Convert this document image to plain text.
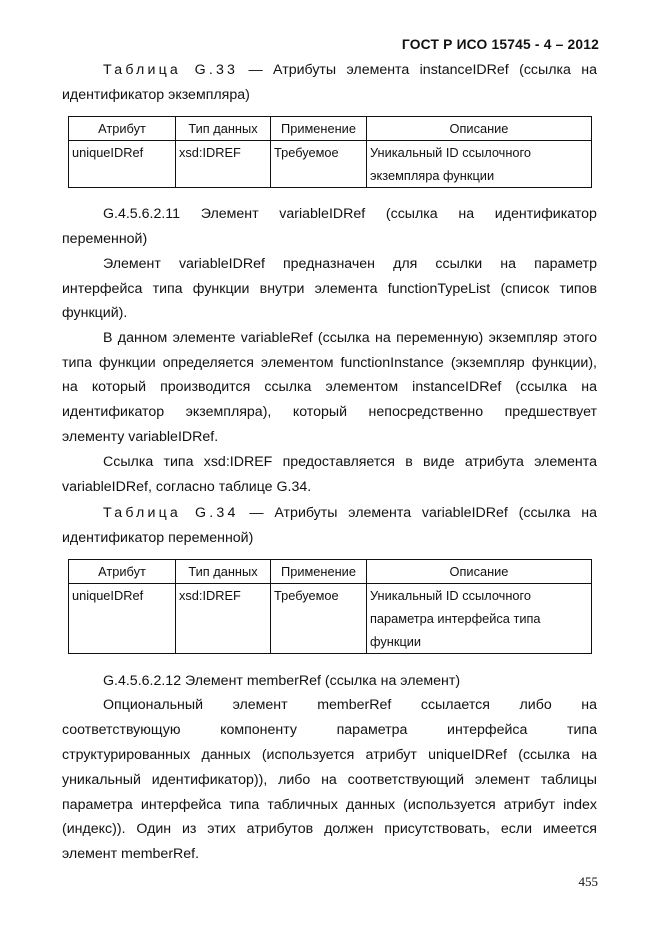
ГОСТ Р ИСО 15745 - 4 – 2012
Таблица G.33 — Атрибуты элемента instanceIDRef (ссылка на
идентификатор экземпляра)
Атрибут	Тип данных	Применение	Описание
uniqueIDRef	xsd:IDREF	Требуемое	Уникальный ID ссылочного
экземпляра функции
G.4.5.6.2.11 Элемент variableIDRef (ссылка на идентификатор
переменной)
Элемент variableIDRef предназначен для ссылки на параметр
интерфейса типа функции внутри элемента functionTypeList (список типов
функций).
В данном элементе variableRef (ссылка на переменную) экземпляр этого
типа функции определяется элементом functionInstance (экземпляр функции),
на который производится ссылка элементом instanceIDRef (ссылка на
идентификатор экземпляра), который непосредственно предшествует
элементу variableIDRef.
Ссылка типа xsd:IDREF предоставляется в виде атрибута элемента
variableIDRef, согласно таблице G.34.
Таблица G.34 — Атрибуты элемента variableIDRef (ссылка на
идентификатор переменной)
Атрибут	Тип данных	Применение	Описание
uniqueIDRef	xsd:IDREF	Требуемое	Уникальный ID ссылочного
параметра интерфейса типа
функции
G.4.5.6.2.12 Элемент memberRef (ссылка на элемент)
Опциональный элемент memberRef ссылается либо на
соответствующую компоненту параметра интерфейса типа
структурированных данных (используется атрибут uniqueIDRef (ссылка на
уникальный идентификатор)), либо на соответствующий элемент таблицы
параметра интерфейса типа табличных данных (используется атрибут index
(индекс)). Один из этих атрибутов должен присутствовать, если имеется
элемент memberRef.
455
